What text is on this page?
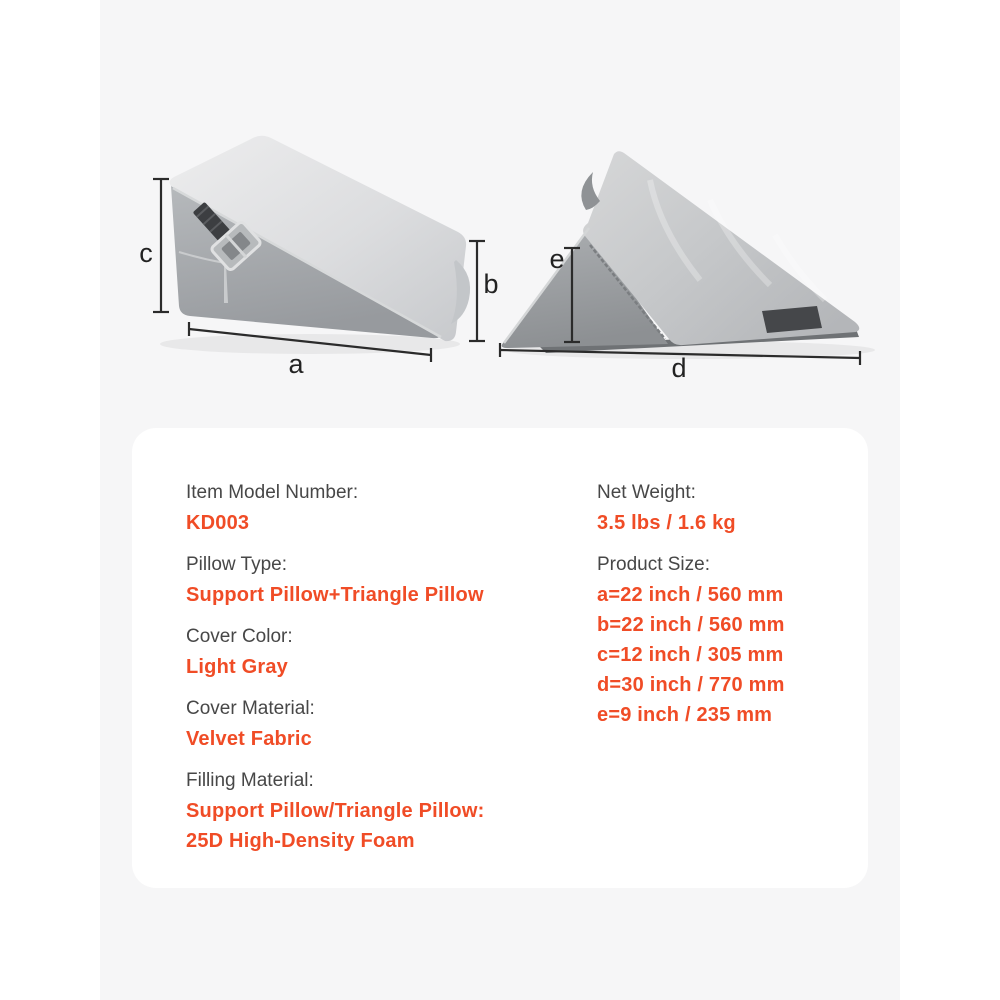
c
a
b
e
d
Item Model Number:
KD003
Pillow Type:
Support Pillow+Triangle Pillow
Cover Color:
Light Gray
Cover Material:
Velvet Fabric
Filling Material:
Support Pillow/Triangle Pillow:
25D High-Density Foam
Net Weight:
3.5 lbs / 1.6 kg
Product Size:
a=22 inch / 560 mm
b=22 inch / 560 mm
c=12 inch / 305 mm
d=30 inch / 770 mm
e=9 inch / 235 mm
